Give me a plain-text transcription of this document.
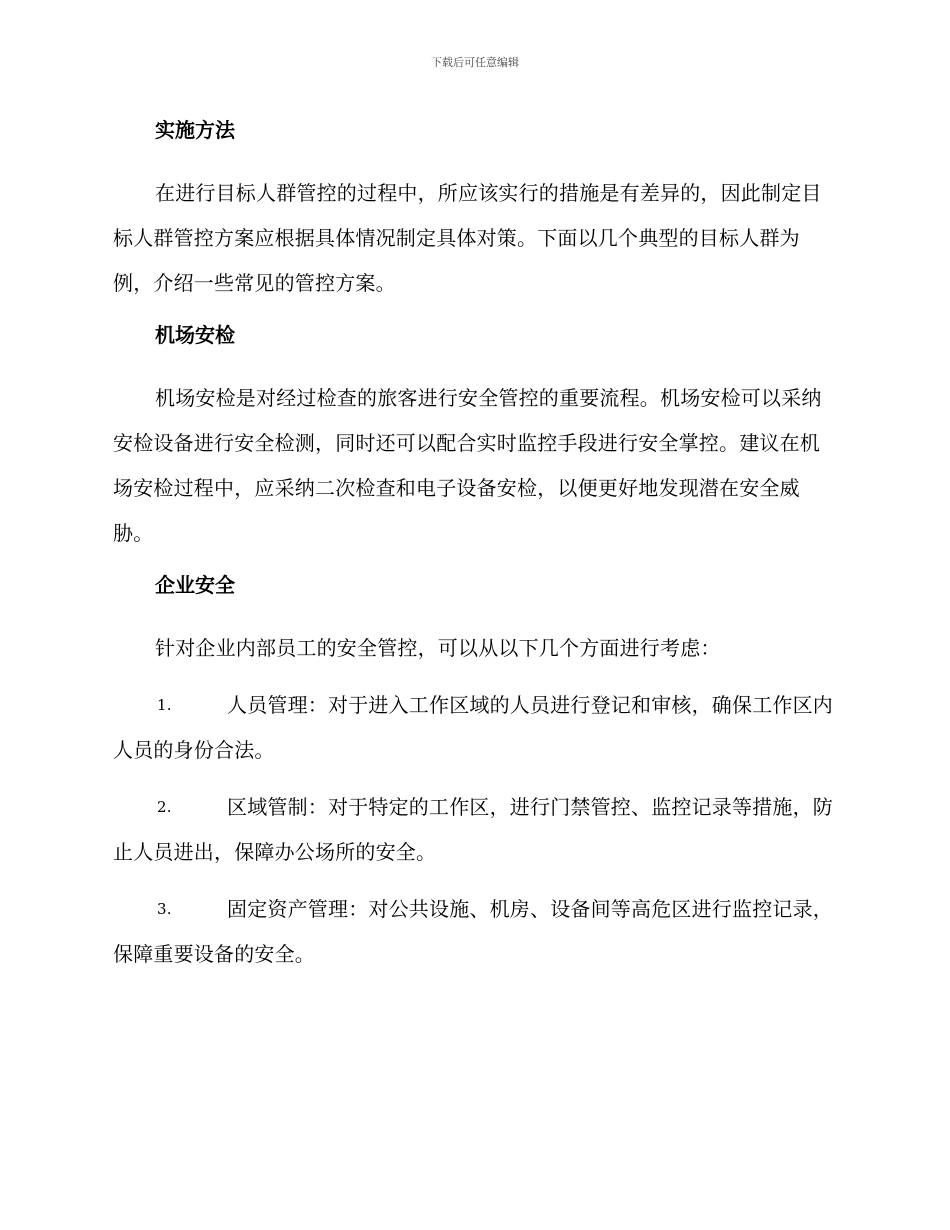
下载后可任意编辑
实施方法

在进行目标人群管控的过程中，所应该实行的措施是有差异的，因此制定目标人群管控方案应根据具体情况制定具体对策。下面以几个典型的目标人群为例，介绍一些常见的管控方案。

机场安检

机场安检是对经过检查的旅客进行安全管控的重要流程。机场安检可以采纳安检设备进行安全检测，同时还可以配合实时监控手段进行安全掌控。建议在机场安检过程中，应采纳二次检查和电子设备安检，以便更好地发现潜在安全威胁。

企业安全

针对企业内部员工的安全管控，可以从以下几个方面进行考虑：

1.	人员管理：对于进入工作区域的人员进行登记和审核，确保工作区内人员的身份合法。
2.	区域管制：对于特定的工作区，进行门禁管控、监控记录等措施，防止人员进出，保障办公场所的安全。
3.	固定资产管理：对公共设施、机房、设备间等高危区进行监控记录，保障重要设备的安全。
